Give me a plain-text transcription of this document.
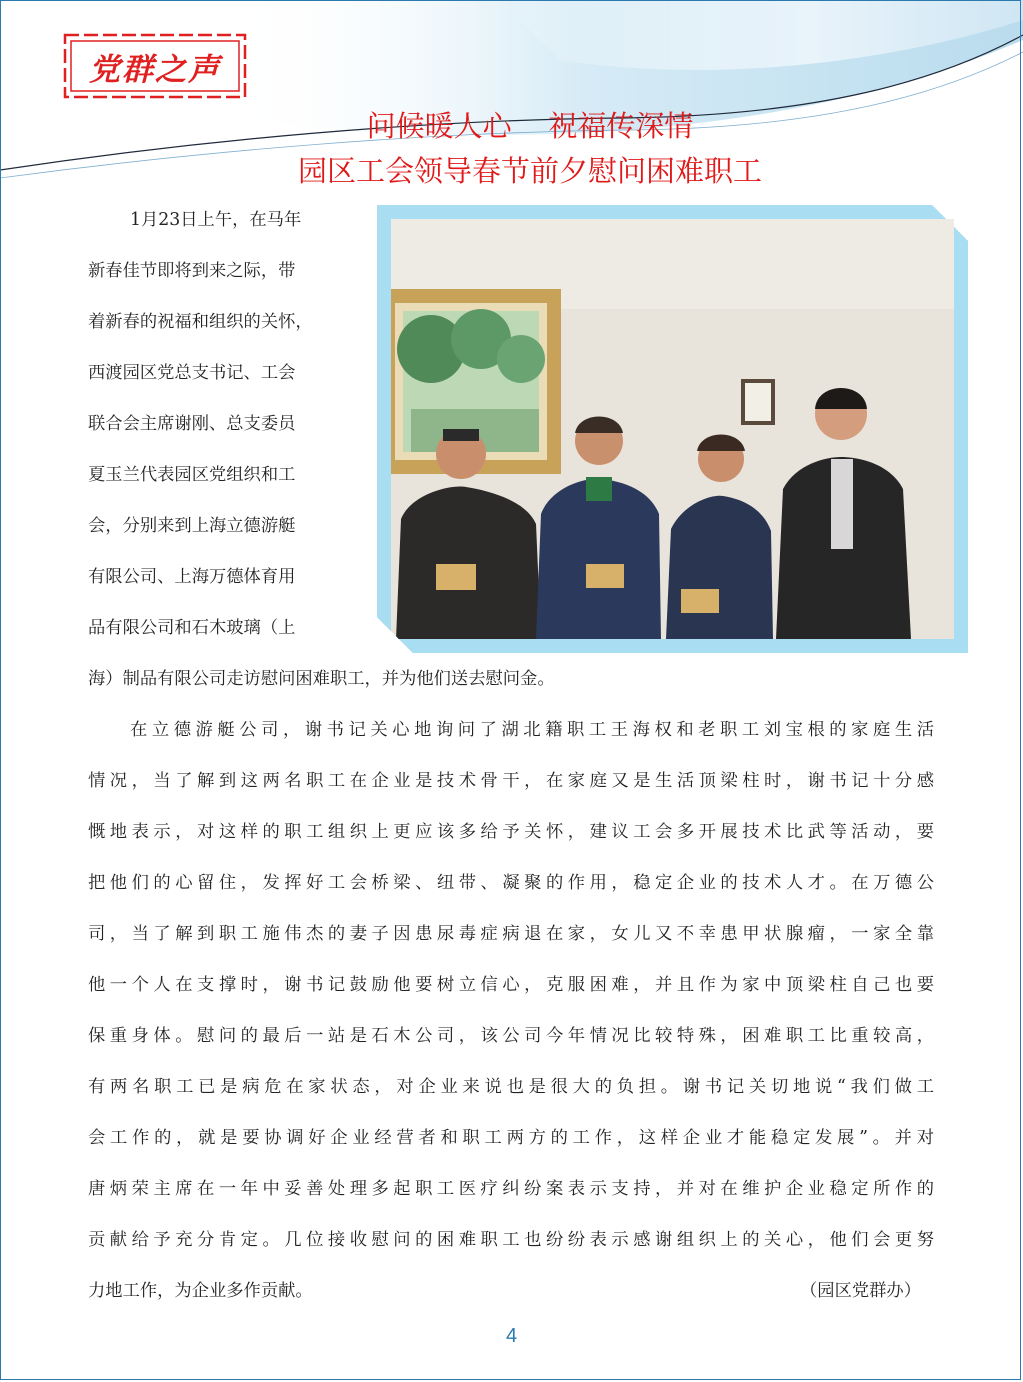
党群之声
问候暖人心    祝福传深情
园区工会领导春节前夕慰问困难职工
1月23日上午，在马年
新春佳节即将到来之际，带
着新春的祝福和组织的关怀，
西渡园区党总支书记、工会
联合会主席谢刚、总支委员
夏玉兰代表园区党组织和工
会，分别来到上海立德游艇
有限公司、上海万德体育用
品有限公司和石木玻璃（上
海）制品有限公司走访慰问困难职工，并为他们送去慰问金。
在立德游艇公司，谢书记关心地询问了湖北籍职工王海权和老职工刘宝根的家庭生活
情况，当了解到这两名职工在企业是技术骨干，在家庭又是生活顶梁柱时，谢书记十分感
慨地表示，对这样的职工组织上更应该多给予关怀，建议工会多开展技术比武等活动，要
把他们的心留住，发挥好工会桥梁、纽带、凝聚的作用，稳定企业的技术人才。在万德公
司，当了解到职工施伟杰的妻子因患尿毒症病退在家，女儿又不幸患甲状腺瘤，一家全靠
他一个人在支撑时，谢书记鼓励他要树立信心，克服困难，并且作为家中顶梁柱自己也要
保重身体。慰问的最后一站是石木公司，该公司今年情况比较特殊，困难职工比重较高，
有两名职工已是病危在家状态，对企业来说也是很大的负担。谢书记关切地说“我们做工
会工作的，就是要协调好企业经营者和职工两方的工作，这样企业才能稳定发展”。并对
唐炳荣主席在一年中妥善处理多起职工医疗纠纷案表示支持，并对在维护企业稳定所作的
贡献给予充分肯定。几位接收慰问的困难职工也纷纷表示感谢组织上的关心，他们会更努
力地工作，为企业多作贡献。	（园区党群办）
4
